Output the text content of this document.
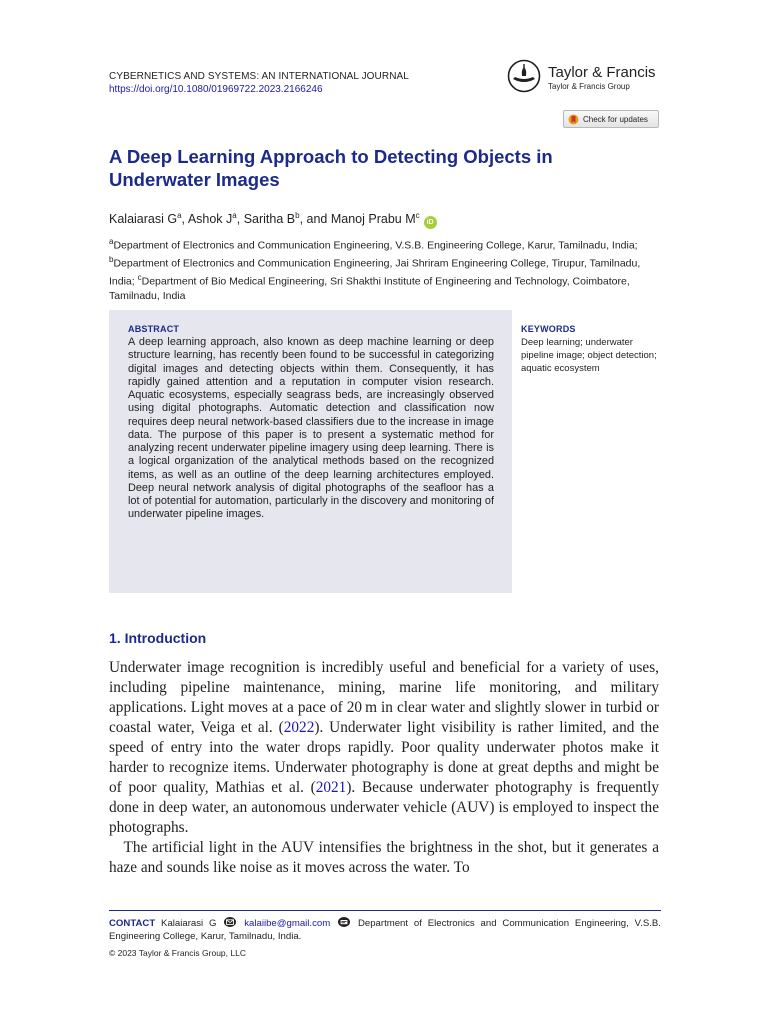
CYBERNETICS AND SYSTEMS: AN INTERNATIONAL JOURNAL
https://doi.org/10.1080/01969722.2023.2166246
Taylor & Francis
Taylor & Francis Group
Check for updates
A Deep Learning Approach to Detecting Objects in Underwater Images
Kalaiarasi $G^a$, Ashok $J^a$, Saritha $B^b$, and Manoj Prabu $M^ciD$
$^a$Department of Electronics and Communication Engineering, V.S.B. Engineering College, Karur, Tamilnadu, India; $^b$Department of Electronics and Communication Engineering, Jai Shriram Engineering College, Tirupur, Tamilnadu, India; $^c$Department of Bio Medical Engineering, Sri Shakthi Institute of Engineering and Technology, Coimbatore, Tamilnadu, India
ABSTRACT
A deep learning approach, also known as deep machine learning or deep structure learning, has recently been found to be successful in categorizing digital images and detecting objects within them. Consequently, it has rapidly gained attention and a reputation in computer vision research. Aquatic ecosystems, especially seagrass beds, are increasingly observed using digital photographs. Automatic detection and classification now requires deep neural network-based classifiers due to the increase in image data. The purpose of this paper is to present a systematic method for analyzing recent underwater pipeline imagery using deep learning. There is a logical organization of the analytical methods based on the recognized items, as well as an outline of the deep learning architectures employed. Deep neural network analysis of digital photographs of the seafloor has a lot of potential for automation, particularly in the discovery and monitoring of underwater pipeline images.
KEYWORDS
Deep learning; underwater pipeline image; object detection; aquatic ecosystem
1. Introduction

Underwater image recognition is incredibly useful and beneficial for a variety of uses, including pipeline maintenance, mining, marine life monitoring, and military applications. Light moves at a pace of 20 m in clear water and slightly slower in turbid or coastal water, Veiga et al. (2022). Underwater light visibility is rather limited, and the speed of entry into the water drops rapidly. Poor quality underwater photos make it harder to recognize items. Underwater photography is done at great depths and might be of poor quality, Mathias et al. (2021). Because underwater photography is frequently done in deep water, an autonomous underwater vehicle (AUV) is employed to inspect the photographs.

The artificial light in the AUV intensifies the brightness in the shot, but it generates a haze and sounds like noise as it moves across the water. To

CONTACT Kalaiarasi G	kalaiibe@gmail.com	Department of Electronics and Communication Engineering, V.S.B. Engineering College, Karur, Tamilnadu, India.
© 2023 Taylor & Francis Group, LLC
